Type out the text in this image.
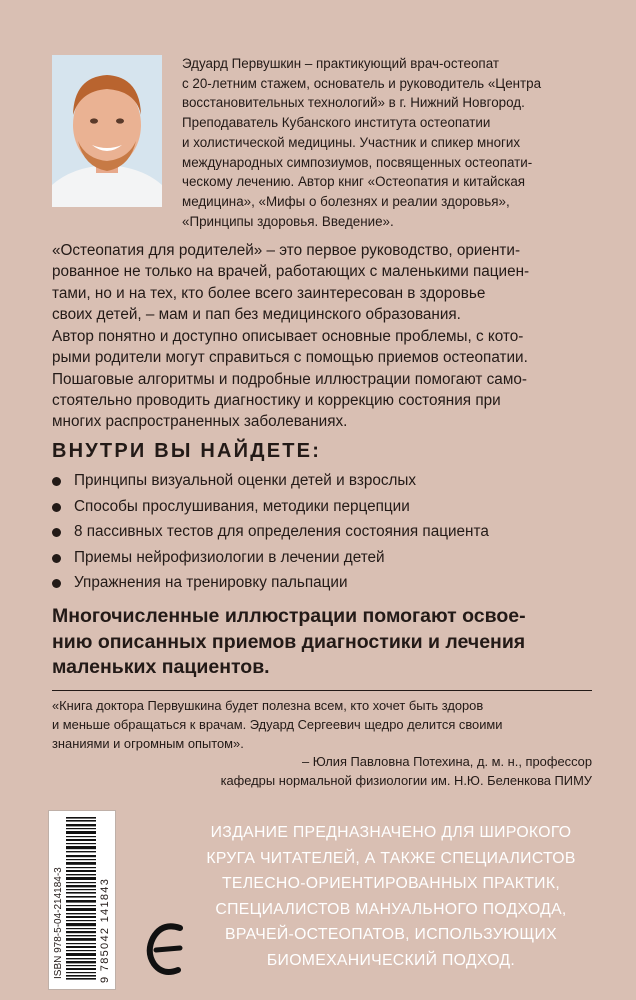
Эдуард Первушкин – практикующий врач-остеопат
с 20-летним стажем, основатель и руководитель «Центра
восстановительных технологий» в г. Нижний Новгород.
Преподаватель Кубанского института остеопатии
и холистической медицины. Участник и спикер многих
международных симпозиумов, посвященных остеопати-
ческому лечению. Автор книг «Остеопатия и китайская
медицина», «Мифы о болезнях и реалии здоровья»,
«Принципы здоровья. Введение».
«Остеопатия для родителей» – это первое руководство, ориенти-
рованное не только на врачей, работающих с маленькими пациен-
тами, но и на тех, кто более всего заинтересован в здоровье
своих детей, – мам и пап без медицинского образования.
Автор понятно и доступно описывает основные проблемы, с кото-
рыми родители могут справиться с помощью приемов остеопатии.
Пошаговые алгоритмы и подробные иллюстрации помогают само-
стоятельно проводить диагностику и коррекцию состояния при
многих распространенных заболеваниях.
ВНУТРИ ВЫ НАЙДЕТЕ:
Принципы визуальной оценки детей и взрослых
Способы прослушивания, методики перцепции
8 пассивных тестов для определения состояния пациента
Приемы нейрофизиологии в лечении детей
Упражнения на тренировку пальпации
Многочисленные иллюстрации помогают освое-
нию описанных приемов диагностики и лечения
маленьких пациентов.
«Книга доктора Первушкина будет полезна всем, кто хочет быть здоров
и меньше обращаться к врачам. Эдуард Сергеевич щедро делится своими
знаниями и огромным опытом».
– Юлия Павловна Потехина, д. м. н., профессор
кафедры нормальной физиологии им. Н.Ю. Беленкова ПИМУ
ISBN 978-5-04-214184-3	9 785042 141843
ИЗДАНИЕ ПРЕДНАЗНАЧЕНО ДЛЯ ШИРОКОГО
КРУГА ЧИТАТЕЛЕЙ, А ТАКЖЕ СПЕЦИАЛИСТОВ
ТЕЛЕСНО-ОРИЕНТИРОВАННЫХ ПРАКТИК,
СПЕЦИАЛИСТОВ МАНУАЛЬНОГО ПОДХОДА,
ВРАЧЕЙ-ОСТЕОПАТОВ, ИСПОЛЬЗУЮЩИХ
БИОМЕХАНИЧЕСКИЙ ПОДХОД.
